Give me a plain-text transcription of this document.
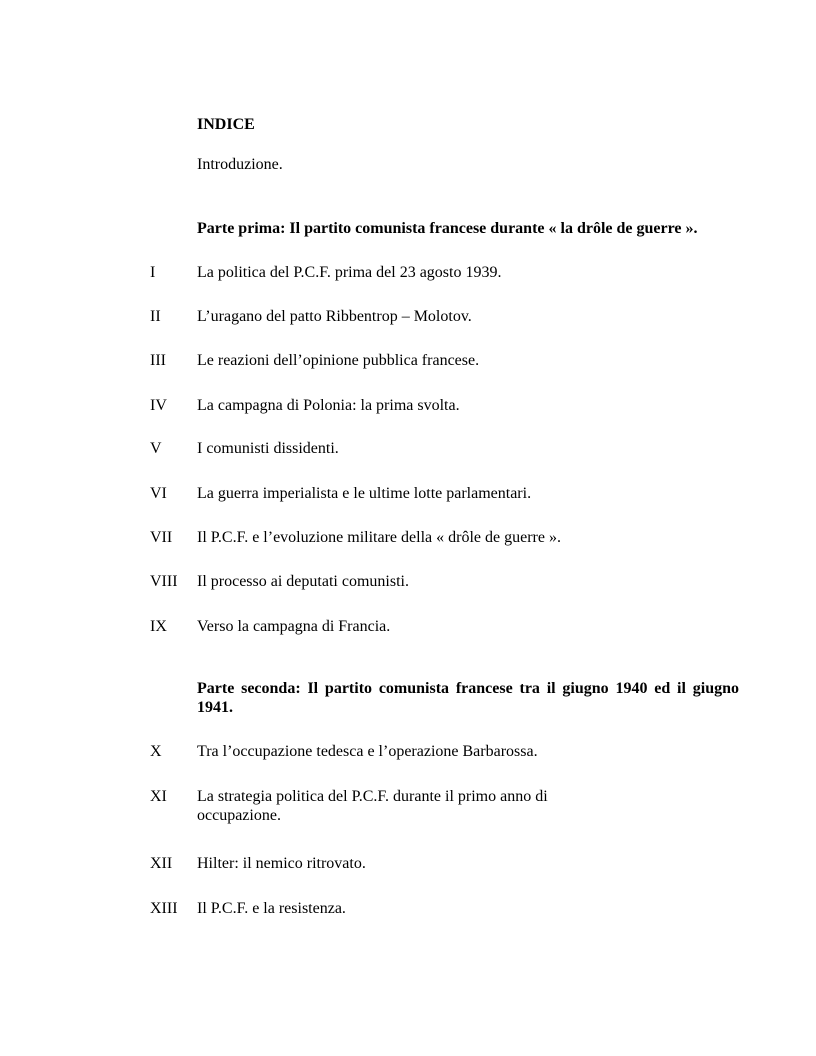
INDICE
Introduzione.
Parte prima: Il partito comunista francese durante « la drôle de guerre ».
I	La politica del P.C.F. prima del 23 agosto 1939.
II	L’uragano del patto Ribbentrop – Molotov.
III	Le reazioni dell’opinione pubblica francese.
IV	La campagna di Polonia: la prima svolta.
V	I comunisti dissidenti.
VI	La guerra imperialista e le ultime lotte parlamentari.
VII	Il P.C.F. e l’evoluzione militare della « drôle de guerre ».
VIII	Il processo ai deputati comunisti.
IX	Verso la campagna di Francia.
Parte seconda: Il partito comunista francese tra il giugno 1940 ed il giugno 1941.
X	Tra l’occupazione tedesca e l’operazione Barbarossa.
XI	La strategia politica del P.C.F. durante il primo anno di occupazione.
XII	Hilter: il nemico ritrovato.
XIII	Il P.C.F. e la resistenza.
